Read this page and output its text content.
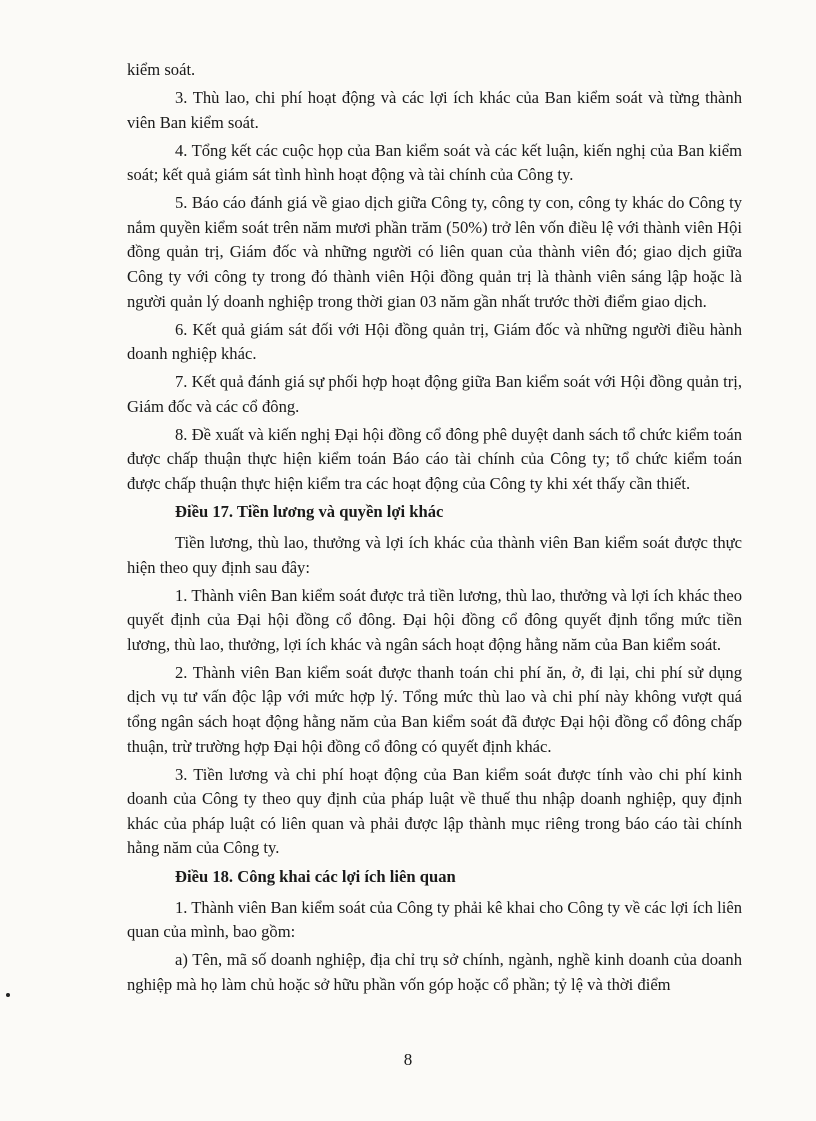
kiểm soát.

3. Thù lao, chi phí hoạt động và các lợi ích khác của Ban kiểm soát và từng thành viên Ban kiểm soát.

4. Tổng kết các cuộc họp của Ban kiểm soát và các kết luận, kiến nghị của Ban kiểm soát; kết quả giám sát tình hình hoạt động và tài chính của Công ty.

5. Báo cáo đánh giá về giao dịch giữa Công ty, công ty con, công ty khác do Công ty nắm quyền kiểm soát trên năm mươi phần trăm (50%) trở lên vốn điều lệ với thành viên Hội đồng quản trị, Giám đốc và những người có liên quan của thành viên đó; giao dịch giữa Công ty với công ty trong đó thành viên Hội đồng quản trị là thành viên sáng lập hoặc là người quản lý doanh nghiệp trong thời gian 03 năm gần nhất trước thời điểm giao dịch.

6. Kết quả giám sát đối với Hội đồng quản trị, Giám đốc và những người điều hành doanh nghiệp khác.

7. Kết quả đánh giá sự phối hợp hoạt động giữa Ban kiểm soát với Hội đồng quản trị, Giám đốc và các cổ đông.

8. Đề xuất và kiến nghị Đại hội đồng cổ đông phê duyệt danh sách tổ chức kiểm toán được chấp thuận thực hiện kiểm toán Báo cáo tài chính của Công ty; tổ chức kiểm toán được chấp thuận thực hiện kiểm tra các hoạt động của Công ty khi xét thấy cần thiết.

Điều 17. Tiền lương và quyền lợi khác

Tiền lương, thù lao, thưởng và lợi ích khác của thành viên Ban kiểm soát được thực hiện theo quy định sau đây:

1. Thành viên Ban kiểm soát được trả tiền lương, thù lao, thưởng và lợi ích khác theo quyết định của Đại hội đồng cổ đông. Đại hội đồng cổ đông quyết định tổng mức tiền lương, thù lao, thưởng, lợi ích khác và ngân sách hoạt động hằng năm của Ban kiểm soát.

2. Thành viên Ban kiểm soát được thanh toán chi phí ăn, ở, đi lại, chi phí sử dụng dịch vụ tư vấn độc lập với mức hợp lý. Tổng mức thù lao và chi phí này không vượt quá tổng ngân sách hoạt động hằng năm của Ban kiểm soát đã được Đại hội đồng cổ đông chấp thuận, trừ trường hợp Đại hội đồng cổ đông có quyết định khác.

3. Tiền lương và chi phí hoạt động của Ban kiểm soát được tính vào chi phí kinh doanh của Công ty theo quy định của pháp luật về thuế thu nhập doanh nghiệp, quy định khác của pháp luật có liên quan và phải được lập thành mục riêng trong báo cáo tài chính hằng năm của Công ty.

Điều 18. Công khai các lợi ích liên quan

1. Thành viên Ban kiểm soát của Công ty phải kê khai cho Công ty về các lợi ích liên quan của mình, bao gồm:

a) Tên, mã số doanh nghiệp, địa chỉ trụ sở chính, ngành, nghề kinh doanh của doanh nghiệp mà họ làm chủ hoặc sở hữu phần vốn góp hoặc cổ phần; tỷ lệ và thời điểm

8
